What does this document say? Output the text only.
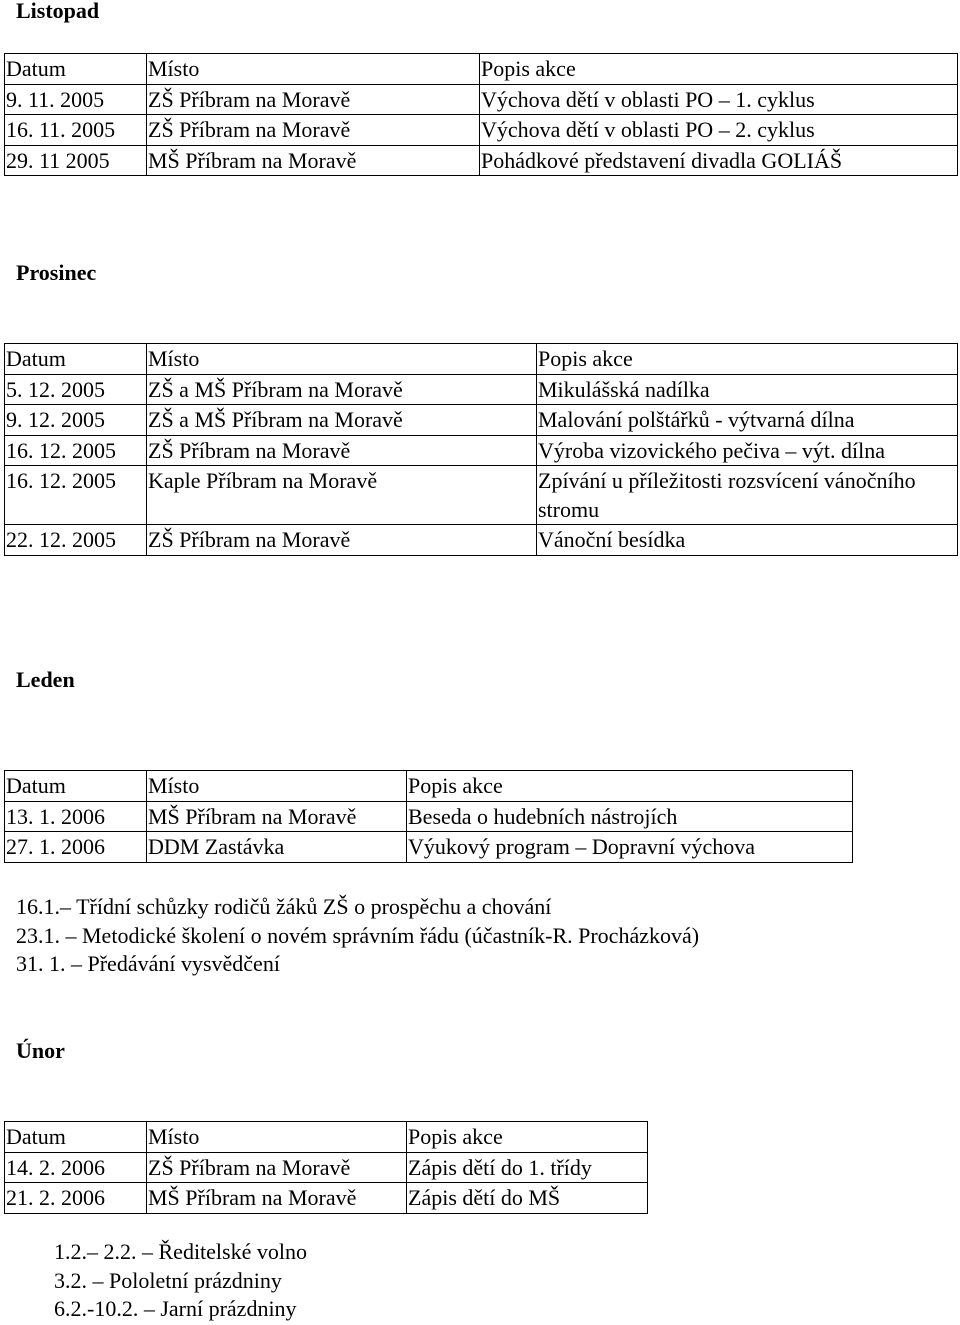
Listopad
Datum	Místo	Popis akce
9. 11. 2005	ZŠ Příbram na Moravě	Výchova dětí v oblasti PO – 1. cyklus
16. 11. 2005	ZŠ Příbram na Moravě	Výchova dětí v oblasti PO – 2. cyklus
29. 11 2005	MŠ Příbram na Moravě	Pohádkové představení divadla GOLIÁŠ
Prosinec
Datum	Místo	Popis akce
5. 12. 2005	ZŠ a MŠ Příbram na Moravě	Mikulášská nadílka
9. 12. 2005	ZŠ a MŠ Příbram na Moravě	Malování polštářků - výtvarná dílna
16. 12. 2005	ZŠ Příbram na Moravě	Výroba vizovického pečiva – výt. dílna
16. 12. 2005	Kaple Příbram na Moravě	Zpívání u příležitosti rozsvícení vánočního stromu
22. 12. 2005	ZŠ Příbram na Moravě	Vánoční besídka
Leden
Datum	Místo	Popis akce
13. 1. 2006	MŠ Příbram na Moravě	Beseda o hudebních nástrojích
27. 1. 2006	DDM Zastávka	Výukový program – Dopravní výchova
16.1.– Třídní schůzky rodičů žáků ZŠ o prospěchu a chování
23.1. – Metodické školení o novém správním řádu (účastník-R. Procházková)
31. 1. – Předávání vysvědčení
Únor
Datum	Místo	Popis akce
14. 2. 2006	ZŠ Příbram na Moravě	Zápis dětí do 1. třídy
21. 2. 2006	MŠ Příbram na Moravě	Zápis dětí do MŠ
1.2.– 2.2. – Ředitelské volno
3.2. – Pololetní prázdniny
6.2.-10.2. – Jarní prázdniny
